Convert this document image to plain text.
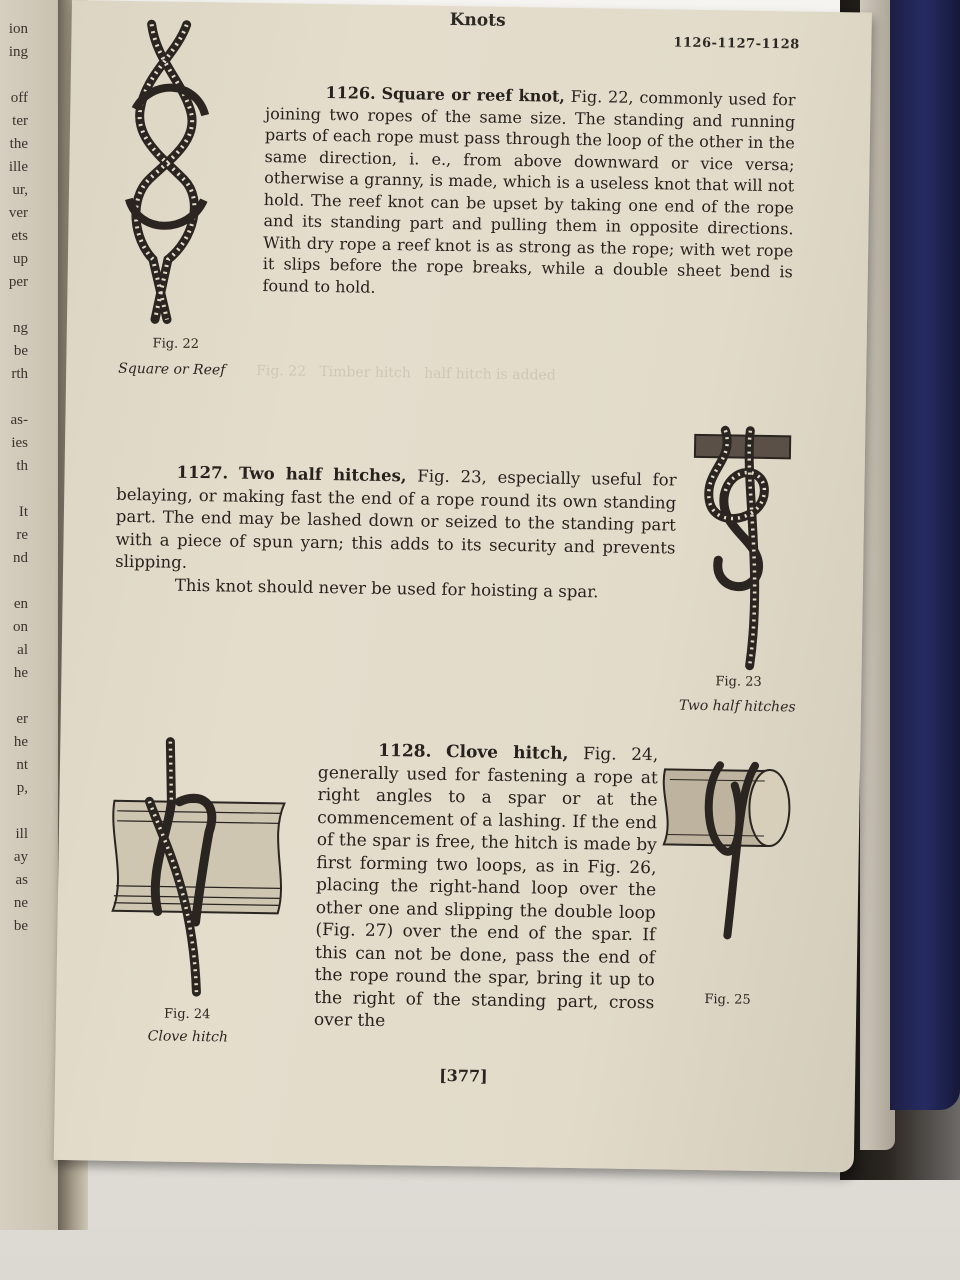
ion
ing

off
ter
the
ille
ur,
ver
ets
up
per

ng
be
rth

as-
ies
th

It
re
nd

en
on
al
he

er
he
nt
p,

ill
ay
as
ne
be
Knots
1126-1127-1128
Fig. 22
Square or Reef
1126. Square or reef knot, Fig. 22, commonly used for joining two ropes of the same size. The standing and running parts of each rope must pass through the loop of the other in the same direction, i. e., from above downward or vice versa; otherwise a granny, is made, which is a useless knot that will not hold. The reef knot can be upset by taking one end of the rope and its standing part and pulling them in opposite directions. With dry rope a reef knot is as strong as the rope; with wet rope it slips before the rope breaks, while a double sheet bend is found to hold.
Fig. 22   Timber hitch   half hitch is added
1127. Two half hitches, Fig. 23, especially useful for belaying, or making fast the end of a rope round its own standing part. The end may be lashed down or seized to the standing part with a piece of spun yarn; this adds to its security and prevents slipping.
This knot should never be used for hoisting a spar.
Fig. 23
Two half hitches
Fig. 24
Clove hitch
1128. Clove hitch, Fig. 24, generally used for fastening a rope at right angles to a spar or at the commencement of a lashing. If the end of the spar is free, the hitch is made by first forming two loops, as in Fig. 26, placing the right-hand loop over the other one and slipping the double loop (Fig. 27) over the end of the spar. If this can not be done, pass the end of the rope round the spar, bring it up to the right of the standing part, cross over the
Fig. 25
[377]
